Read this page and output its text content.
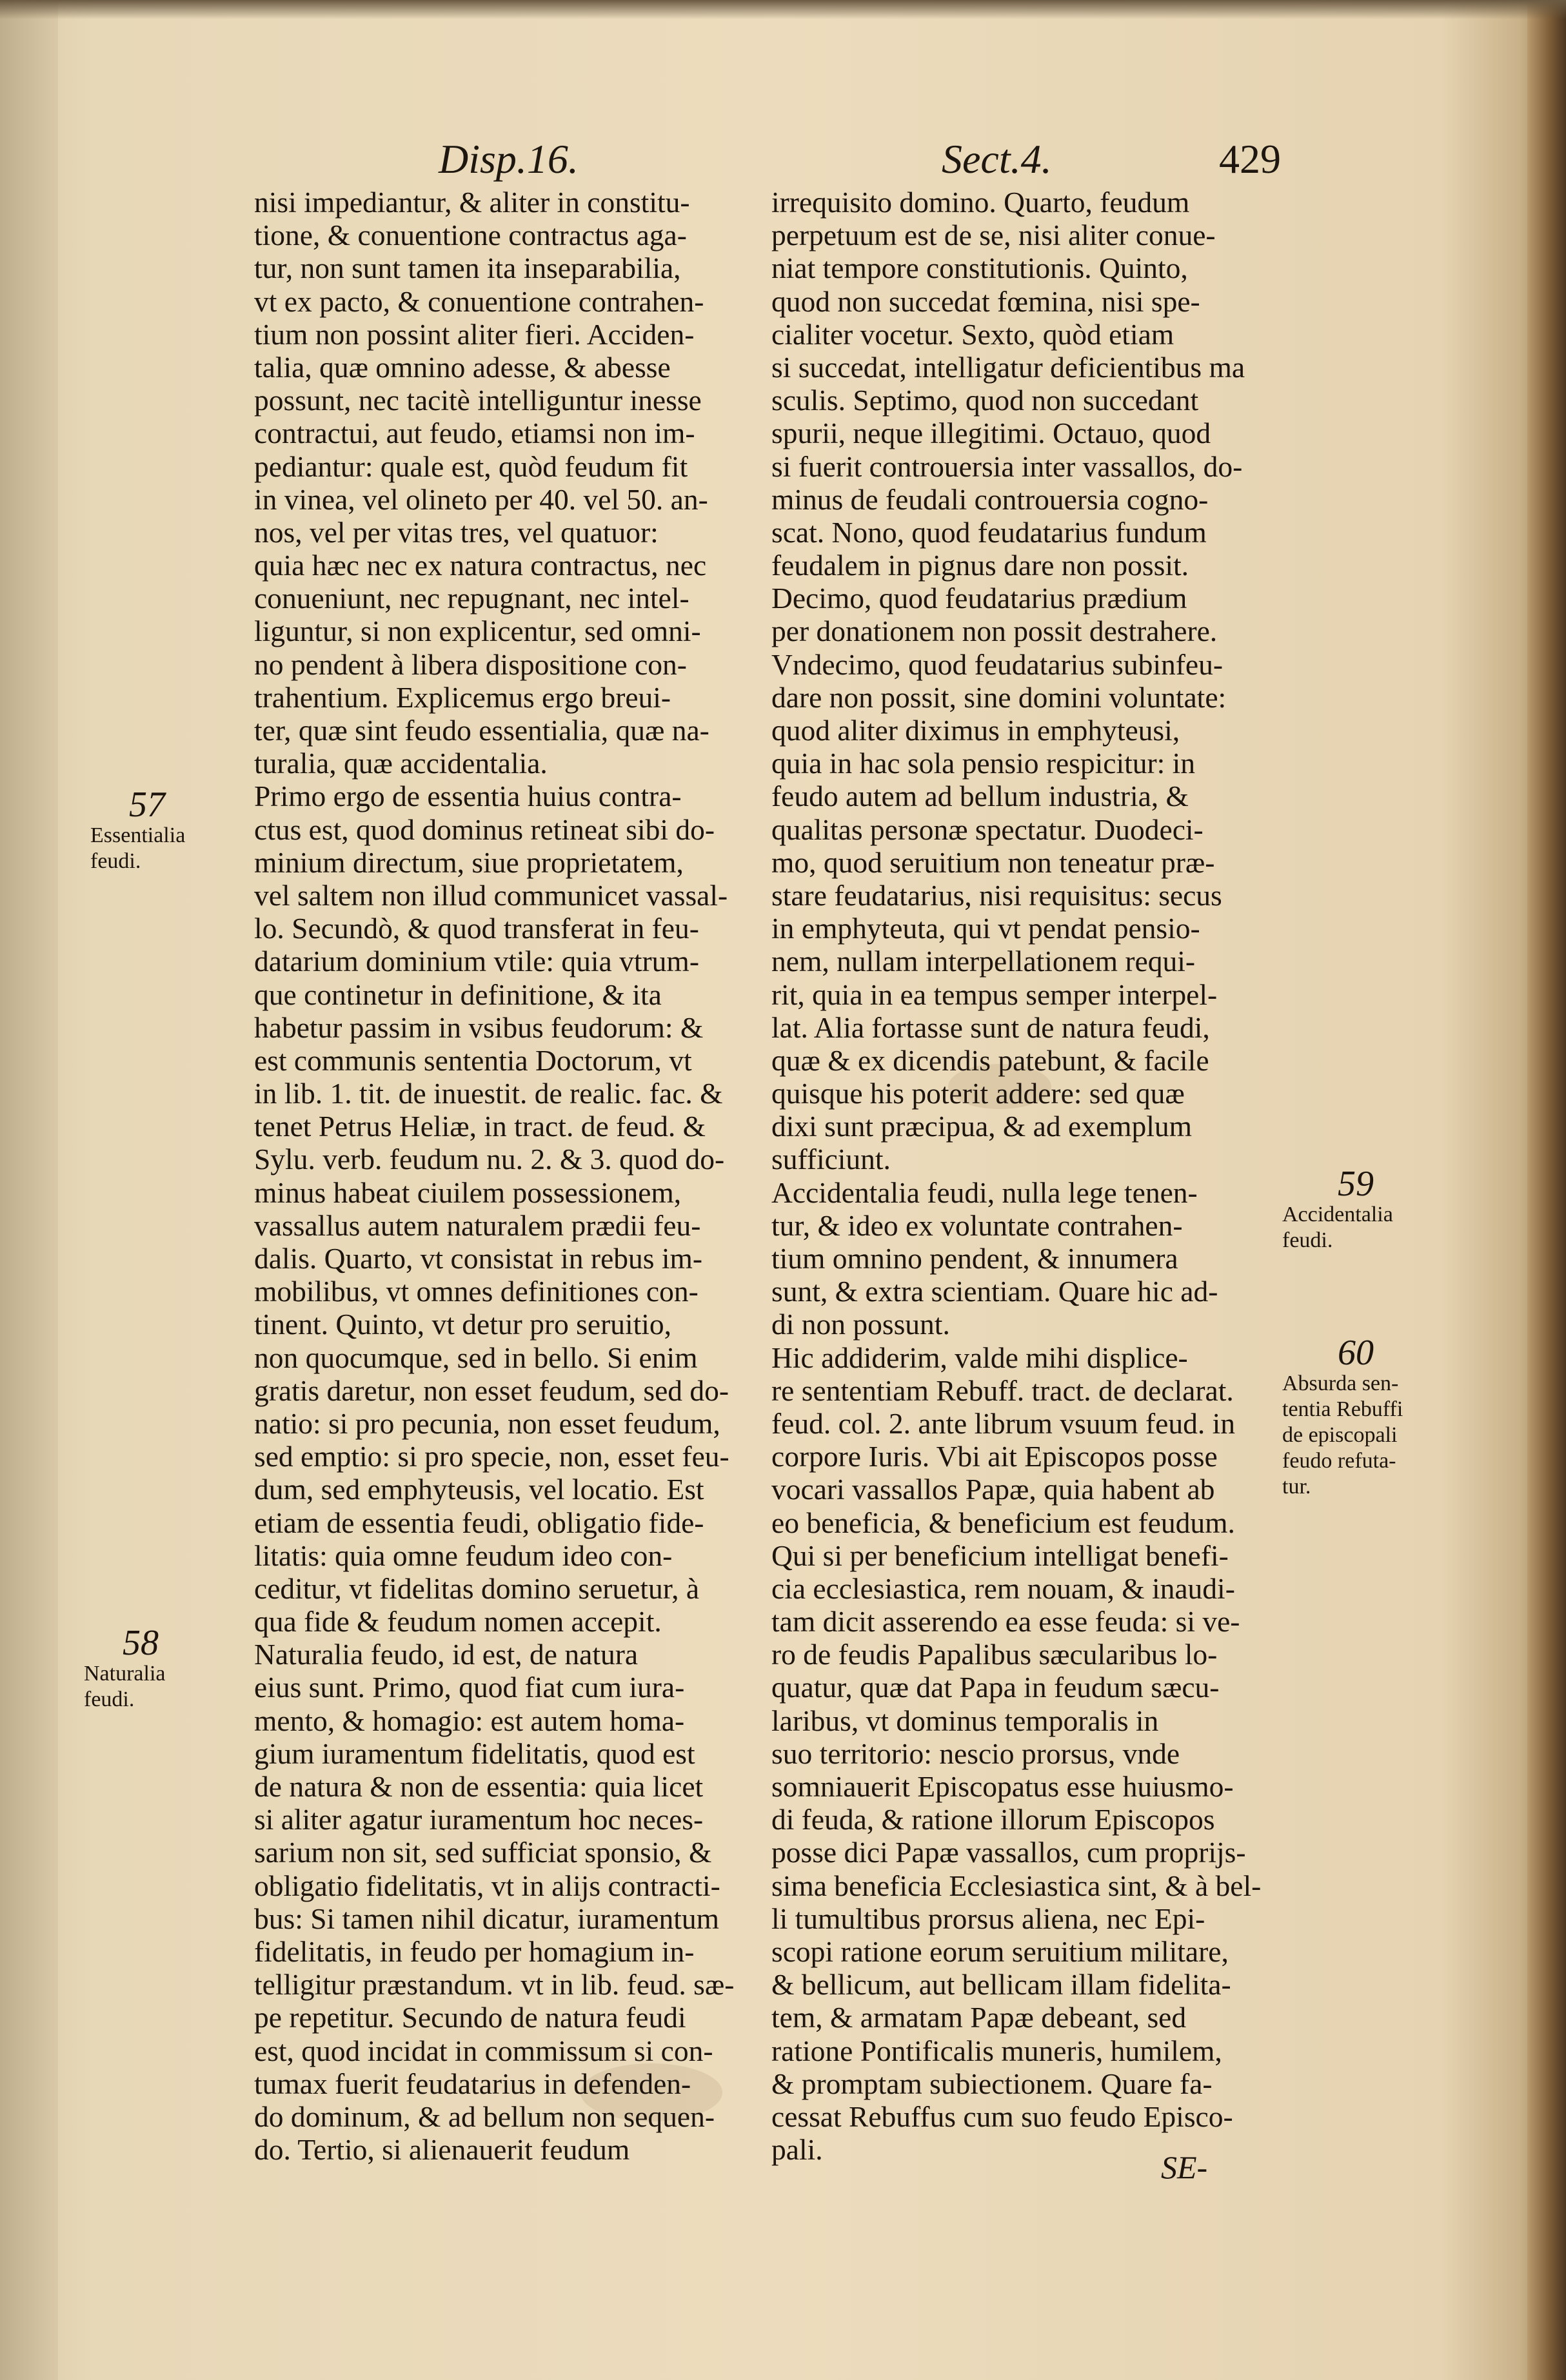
Disp.16.	Sect.4.	429
nisi impediantur, & aliter in constitu-
tione, & conuentione contractus aga-
tur, non sunt tamen ita inseparabilia,
vt ex pacto, & conuentione contrahen-
tium non possint aliter fieri. Acciden-
talia, quæ omnino adesse, & abesse
possunt, nec tacitè intelliguntur inesse
contractui, aut feudo, etiamsi non im-
pediantur: quale est, quòd feudum fit
in vinea, vel olineto per 40. vel 50. an-
nos, vel per vitas tres, vel quatuor:
quia hæc nec ex natura contractus, nec
conueniunt, nec repugnant, nec intel-
liguntur, si non explicentur, sed omni-
no pendent à libera dispositione con-
trahentium. Explicemus ergo breui-
ter, quæ sint feudo essentialia, quæ na-
turalia, quæ accidentalia.
Primo ergo de essentia huius contra-
ctus est, quod dominus retineat sibi do-
minium directum, siue proprietatem,
vel saltem non illud communicet vassal-
lo. Secundò, & quod transferat in feu-
datarium dominium vtile: quia vtrum-
que continetur in definitione, & ita
habetur passim in vsibus feudorum: &
est communis sententia Doctorum, vt
in lib. 1. tit. de inuestit. de realic. fac. &
tenet Petrus Heliæ, in tract. de feud. &
Sylu. verb. feudum nu. 2. & 3. quod do-
minus habeat ciuilem possessionem,
vassallus autem naturalem prædii feu-
dalis. Quarto, vt consistat in rebus im-
mobilibus, vt omnes definitiones con-
tinent. Quinto, vt detur pro seruitio,
non quocumque, sed in bello. Si enim
gratis daretur, non esset feudum, sed do-
natio: si pro pecunia, non esset feudum,
sed emptio: si pro specie, non, esset feu-
dum, sed emphyteusis, vel locatio. Est
etiam de essentia feudi, obligatio fide-
litatis: quia omne feudum ideo con-
ceditur, vt fidelitas domino seruetur, à
qua fide & feudum nomen accepit.
Naturalia feudo, id est, de natura
eius sunt. Primo, quod fiat cum iura-
mento, & homagio: est autem homa-
gium iuramentum fidelitatis, quod est
de natura & non de essentia: quia licet
si aliter agatur iuramentum hoc neces-
sarium non sit, sed sufficiat sponsio, &
obligatio fidelitatis, vt in alijs contracti-
bus: Si tamen nihil dicatur, iuramentum
fidelitatis, in feudo per homagium in-
telligitur præstandum. vt in lib. feud. sæ-
pe repetitur. Secundo de natura feudi
est, quod incidat in commissum si con-
tumax fuerit feudatarius in defenden-
do dominum, & ad bellum non sequen-
do. Tertio, si alienauerit feudum
irrequisito domino. Quarto, feudum
perpetuum est de se, nisi aliter conue-
niat tempore constitutionis. Quinto,
quod non succedat fœmina, nisi spe-
cialiter vocetur. Sexto, quòd etiam
si succedat, intelligatur deficientibus ma
sculis. Septimo, quod non succedant
spurii, neque illegitimi. Octauo, quod
si fuerit controuersia inter vassallos, do-
minus de feudali controuersia cogno-
scat. Nono, quod feudatarius fundum
feudalem in pignus dare non possit.
Decimo, quod feudatarius prædium
per donationem non possit destrahere.
Vndecimo, quod feudatarius subinfeu-
dare non possit, sine domini voluntate:
quod aliter diximus in emphyteusi,
quia in hac sola pensio respicitur: in
feudo autem ad bellum industria, &
qualitas personæ spectatur. Duodeci-
mo, quod seruitium non teneatur præ-
stare feudatarius, nisi requisitus: secus
in emphyteuta, qui vt pendat pensio-
nem, nullam interpellationem requi-
rit, quia in ea tempus semper interpel-
lat. Alia fortasse sunt de natura feudi,
quæ & ex dicendis patebunt, & facile
quisque his poterit addere: sed quæ
dixi sunt præcipua, & ad exemplum
sufficiunt.
Accidentalia feudi, nulla lege tenen-
tur, & ideo ex voluntate contrahen-
tium omnino pendent, & innumera
sunt, & extra scientiam. Quare hic ad-
di non possunt.
Hic addiderim, valde mihi displice-
re sententiam Rebuff. tract. de declarat.
feud. col. 2. ante librum vsuum feud. in
corpore Iuris. Vbi ait Episcopos posse
vocari vassallos Papæ, quia habent ab
eo beneficia, & beneficium est feudum.
Qui si per beneficium intelligat benefi-
cia ecclesiastica, rem nouam, & inaudi-
tam dicit asserendo ea esse feuda: si ve-
ro de feudis Papalibus sæcularibus lo-
quatur, quæ dat Papa in feudum sæcu-
laribus, vt dominus temporalis in
suo territorio: nescio prorsus, vnde
somniauerit Episcopatus esse huiusmo-
di feuda, & ratione illorum Episcopos
posse dici Papæ vassallos, cum proprijs-
sima beneficia Ecclesiastica sint, & à bel-
li tumultibus prorsus aliena, nec Epi-
scopi ratione eorum seruitium militare,
& bellicum, aut bellicam illam fidelita-
tem, & armatam Papæ debeant, sed
ratione Pontificalis muneris, humilem,
& promptam subiectionem. Quare fa-
cessat Rebuffus cum suo feudo Episco-
pali.
57
Essentialia
feudi.
58
Naturalia
feudi.
59
Accidentalia
feudi.
60
Absurda sen-
tentia Rebuffi
de episcopali
feudo refuta-
tur.
SE-
